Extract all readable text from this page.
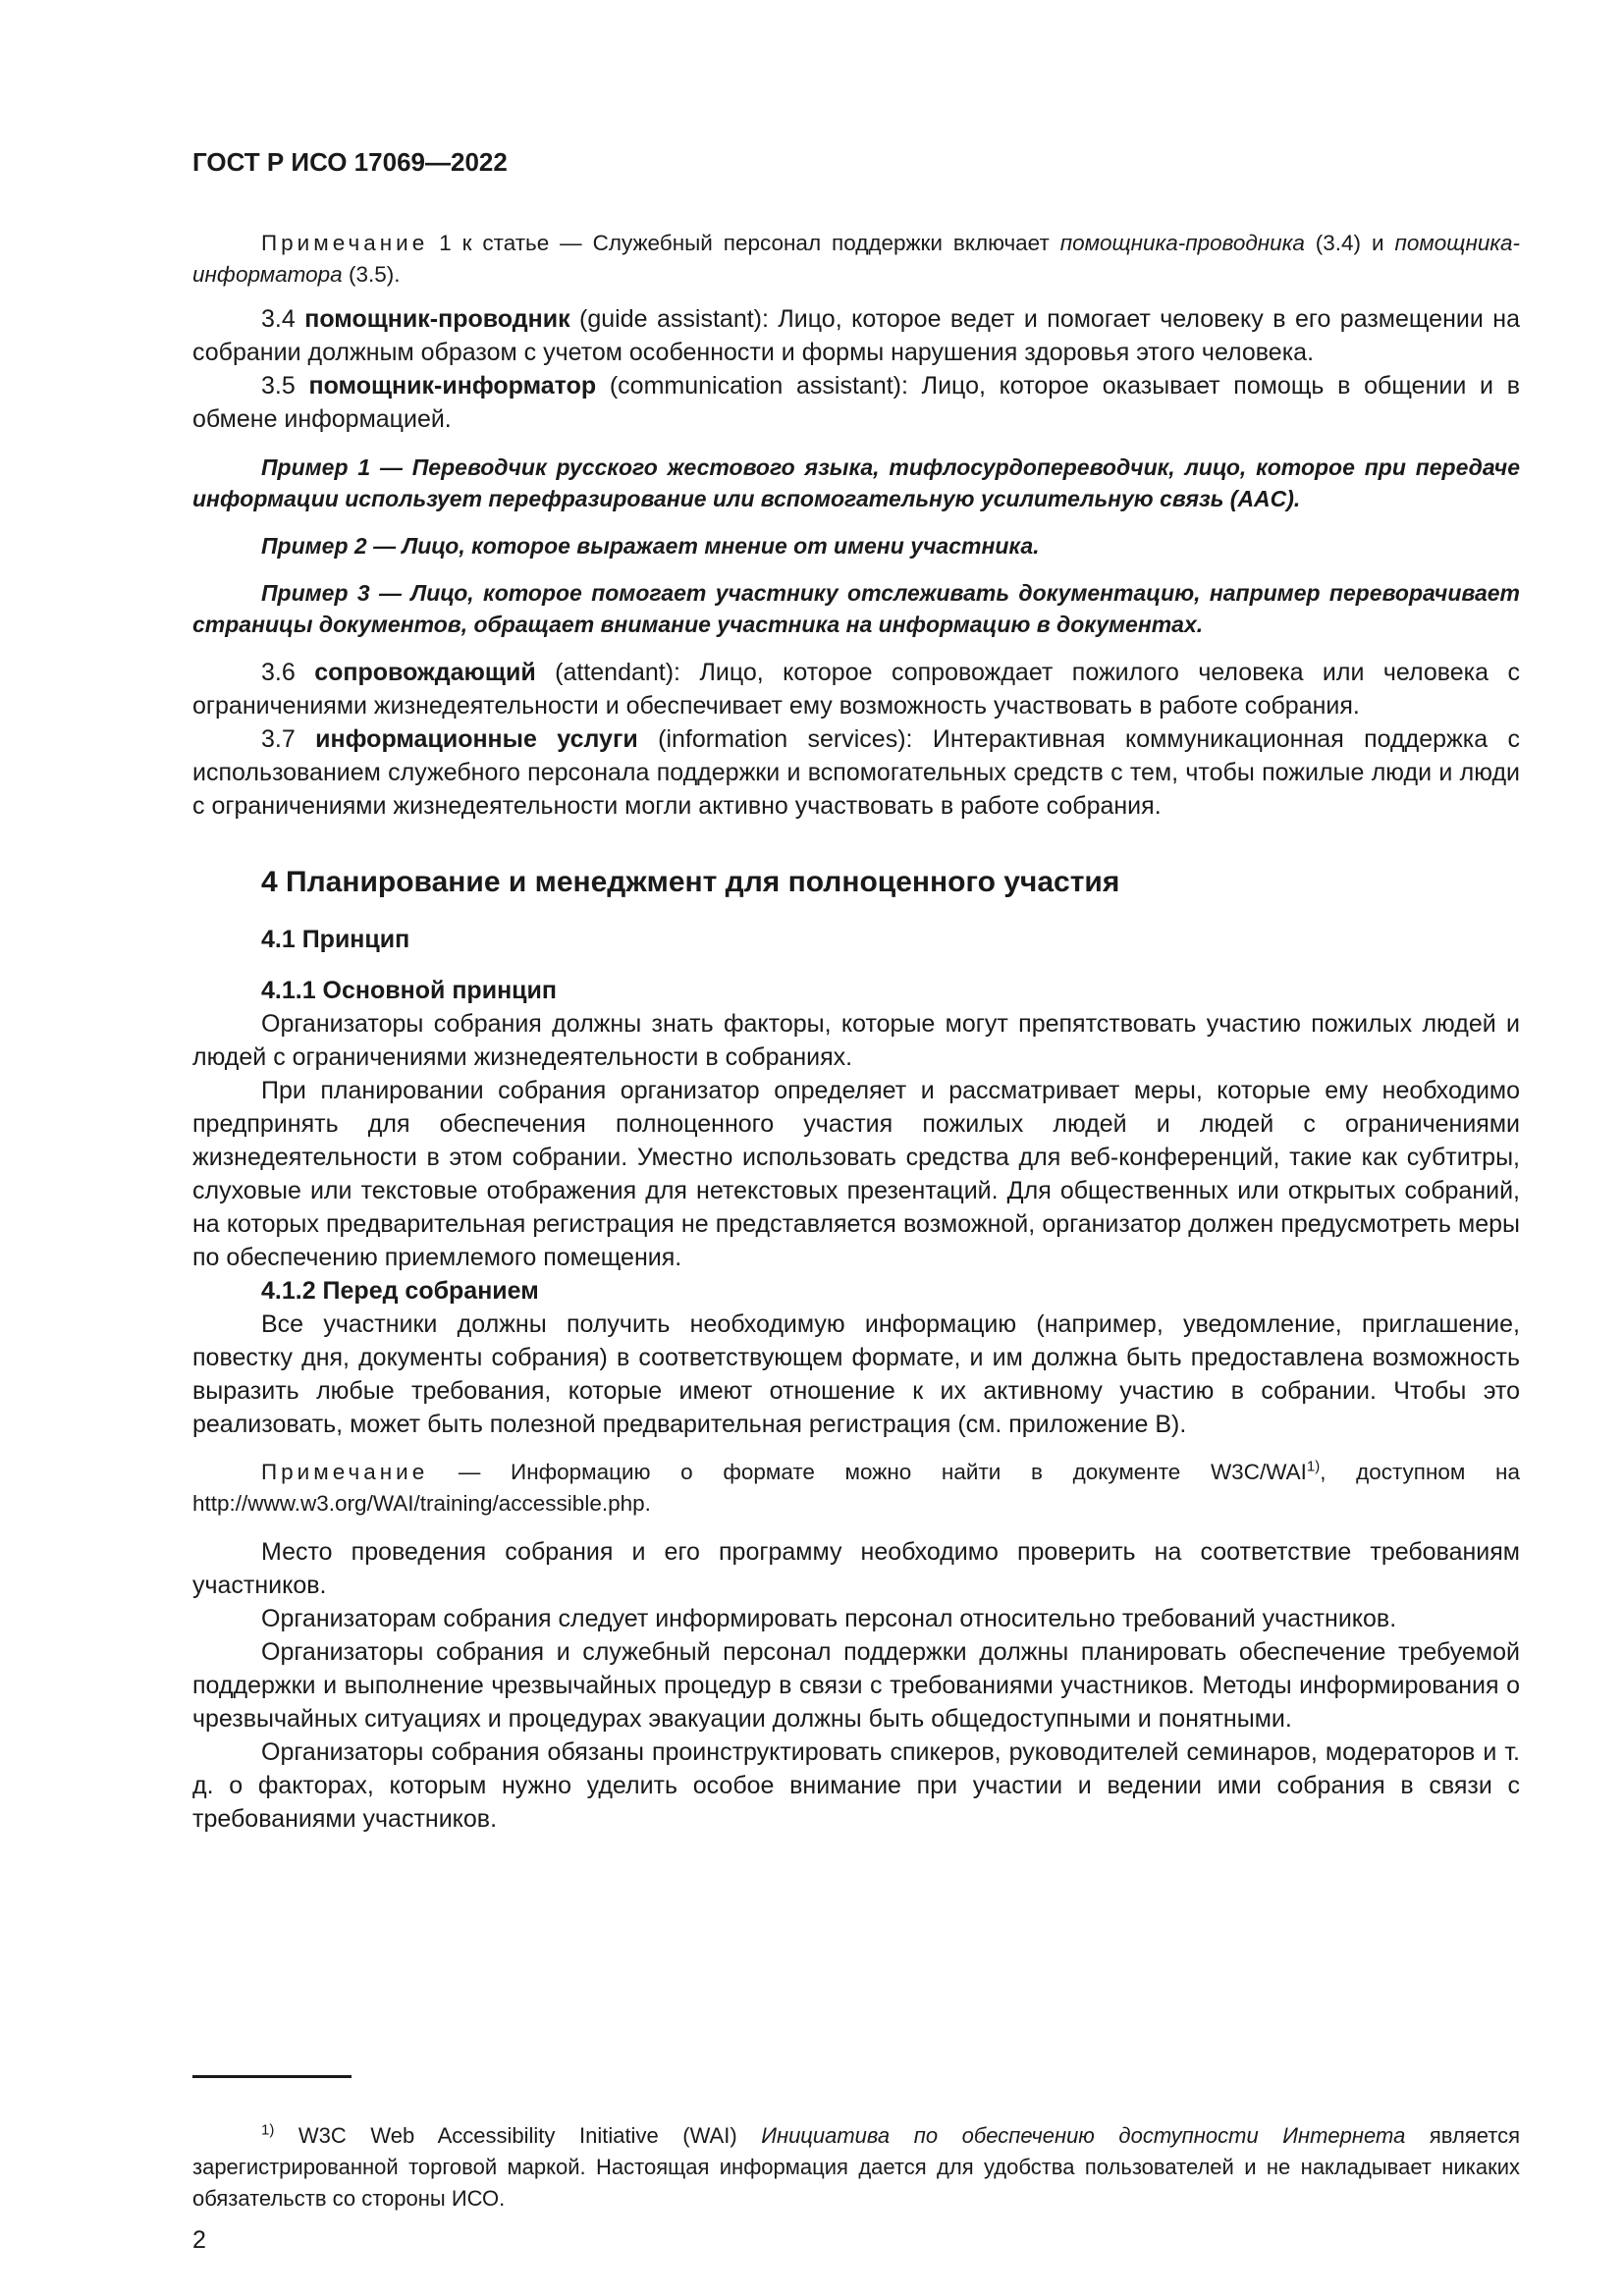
ГОСТ Р ИСО 17069—2022

Примечание 1 к статье — Служебный персонал поддержки включает помощника-проводника (3.4) и помощника-информатора (3.5).

3.4 помощник-проводник (guide assistant): Лицо, которое ведет и помогает человеку в его размещении на собрании должным образом с учетом особенности и формы нарушения здоровья этого человека.

3.5 помощник-информатор (communication assistant): Лицо, которое оказывает помощь в общении и в обмене информацией.

Пример 1 — Переводчик русского жестового языка, тифлосурдопереводчик, лицо, которое при передаче информации использует перефразирование или вспомогательную усилительную связь (AAC).

Пример 2 — Лицо, которое выражает мнение от имени участника.

Пример 3 — Лицо, которое помогает участнику отслеживать документацию, например переворачивает страницы документов, обращает внимание участника на информацию в документах.

3.6 сопровождающий (attendant): Лицо, которое сопровождает пожилого человека или человека с ограничениями жизнедеятельности и обеспечивает ему возможность участвовать в работе собрания.

3.7 информационные услуги (information services): Интерактивная коммуникационная поддержка с использованием служебного персонала поддержки и вспомогательных средств с тем, чтобы пожилые люди и люди с ограничениями жизнедеятельности могли активно участвовать в работе собрания.

4 Планирование и менеджмент для полноценного участия

4.1 Принцип

4.1.1 Основной принцип

Организаторы собрания должны знать факторы, которые могут препятствовать участию пожилых людей и людей с ограничениями жизнедеятельности в собраниях.

При планировании собрания организатор определяет и рассматривает меры, которые ему необходимо предпринять для обеспечения полноценного участия пожилых людей и людей с ограничениями жизнедеятельности в этом собрании. Уместно использовать средства для веб-конференций, такие как субтитры, слуховые или текстовые отображения для нетекстовых презентаций. Для общественных или открытых собраний, на которых предварительная регистрация не представляется возможной, организатор должен предусмотреть меры по обеспечению приемлемого помещения.

4.1.2 Перед собранием

Все участники должны получить необходимую информацию (например, уведомление, приглашение, повестку дня, документы собрания) в соответствующем формате, и им должна быть предоставлена возможность выразить любые требования, которые имеют отношение к их активному участию в собрании. Чтобы это реализовать, может быть полезной предварительная регистрация (см. приложение В).

Примечание — Информацию о формате можно найти в документе W3C/WAI$^{1)}$, доступном на http://www.w3.org/WAI/training/accessible.php.

Место проведения собрания и его программу необходимо проверить на соответствие требованиям участников.

Организаторам собрания следует информировать персонал относительно требований участников.

Организаторы собрания и служебный персонал поддержки должны планировать обеспечение требуемой поддержки и выполнение чрезвычайных процедур в связи с требованиями участников. Методы информирования о чрезвычайных ситуациях и процедурах эвакуации должны быть общедоступными и понятными.

Организаторы собрания обязаны проинструктировать спикеров, руководителей семинаров, модераторов и т. д. о факторах, которым нужно уделить особое внимание при участии и ведении ими собрания в связи с требованиями участников.

$^{1)}$ W3C Web Accessibility Initiative (WAI) Инициатива по обеспечению доступности Интернета является зарегистрированной торговой маркой. Настоящая информация дается для удобства пользователей и не накладывает никаких обязательств со стороны ИСО.

2
